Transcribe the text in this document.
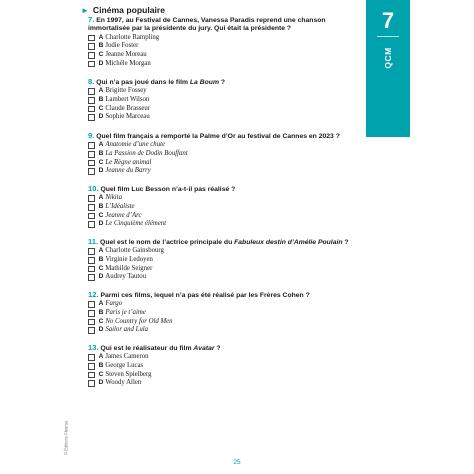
► Cinéma populaire	7
QCM
7. En 1997, au Festival de Cannes, Vanessa Paradis reprend une chanson immortalisée par la présidente du jury. Qui était la présidente ?
A Charlotte Rampling
B Jodie Foster
C Jeanne Moreau
D Michèle Morgan
8. Qui n’a pas joué dans le film La Boum ?
A Brigitte Fossey
B Lambert Wilson
C Claude Brasseur
D Sophie Marceau
9. Quel film français a remporté la Palme d’Or au festival de Cannes en 2023 ?
A Anatomie d’une chute
B La Passion de Dodin Bouffant
C Le Règne animal
D Jeanne du Barry
10. Quel film Luc Besson n’a-t-il pas réalisé ?
A Nikita
B L’Idéaliste
C Jeanne d’Arc
D Le Cinquième élément
11. Quel est le nom de l’actrice principale du Fabuleux destin d’Amélie Poulain ?
A Charlotte Gainsbourg
B Virginie Ledoyen
C Mathilde Seigner
D Audrey Tautou
12. Parmi ces films, lequel n’a pas été réalisé par les Frères Cohen ?
A Fargo
B Paris je t’aime
C No Country for Old Men
D Sailor and Lula
13. Qui est le réalisateur du film Avatar ?
A James Cameron
B George Lucas
C Steven Spielberg
D Woody Allen
© Éditions Fleurus
25
